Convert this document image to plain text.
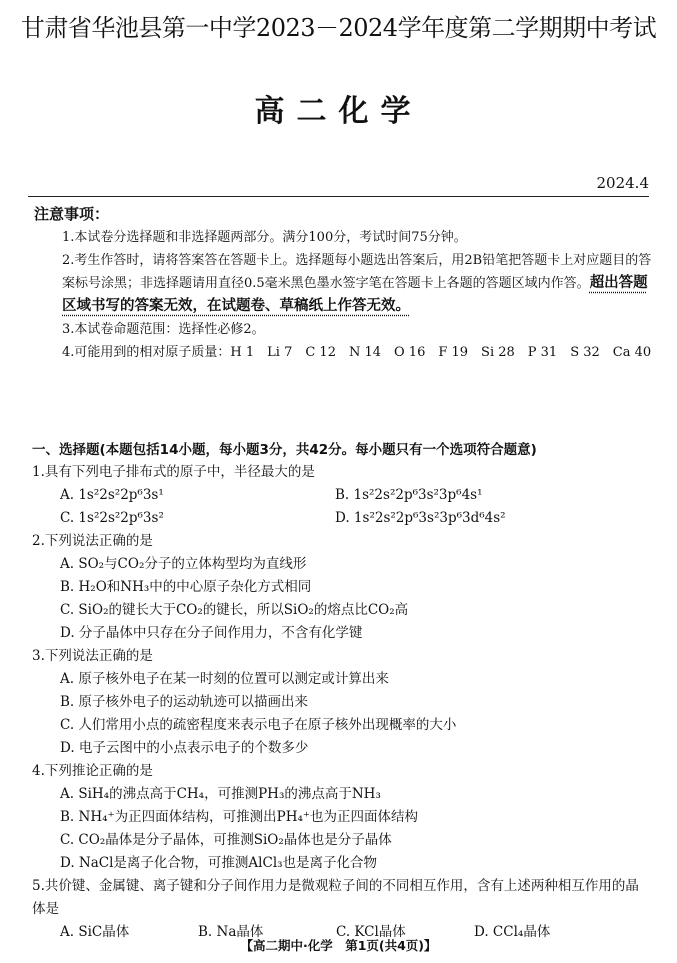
甘肃省华池县第一中学2023－2024学年度第二学期期中考试
高二化学
2024.4
注意事项：

1.本试卷分选择题和非选择题两部分。满分100分，考试时间75分钟。

2.考生作答时，请将答案答在答题卡上。选择题每小题选出答案后，用2B铅笔把答题卡上对应题目的答案标号涂黑；非选择题请用直径0.5毫米黑色墨水签字笔在答题卡上各题的答题区域内作答。超出答题区域书写的答案无效，在试题卷、草稿纸上作答无效。

3.本试卷命题范围：选择性必修2。

4.可能用到的相对原子质量：H 1　Li 7　C 12　N 14　O 16　F 19　Si 28　P 31　S 32　Ca 40

一、选择题(本题包括14小题，每小题3分，共42分。每小题只有一个选项符合题意)

1.具有下列电子排布式的原子中，半径最大的是

A. 1s²2s²2p⁶3s¹	B. 1s²2s²2p⁶3s²3p⁶4s¹
C. 1s²2s²2p⁶3s²	D. 1s²2s²2p⁶3s²3p⁶3d⁶4s²

2.下列说法正确的是

A. SO₂与CO₂分子的立体构型均为直线形

B. H₂O和NH₃中的中心原子杂化方式相同

C. SiO₂的键长大于CO₂的键长，所以SiO₂的熔点比CO₂高

D. 分子晶体中只存在分子间作用力，不含有化学键

3.下列说法正确的是

A. 原子核外电子在某一时刻的位置可以测定或计算出来

B. 原子核外电子的运动轨迹可以描画出来

C. 人们常用小点的疏密程度来表示电子在原子核外出现概率的大小

D. 电子云图中的小点表示电子的个数多少

4.下列推论正确的是

A. SiH₄的沸点高于CH₄，可推测PH₃的沸点高于NH₃

B. NH₄⁺为正四面体结构，可推测出PH₄⁺也为正四面体结构

C. CO₂晶体是分子晶体，可推测SiO₂晶体也是分子晶体

D. NaCl是离子化合物，可推测AlCl₃也是离子化合物

5.共价键、金属键、离子键和分子间作用力是微观粒子间的不同相互作用，含有上述两种相互作用的晶体是

A. SiC晶体	B. Na晶体	C. KCl晶体	D. CCl₄晶体
【高二期中·化学　第1页(共4页)】
